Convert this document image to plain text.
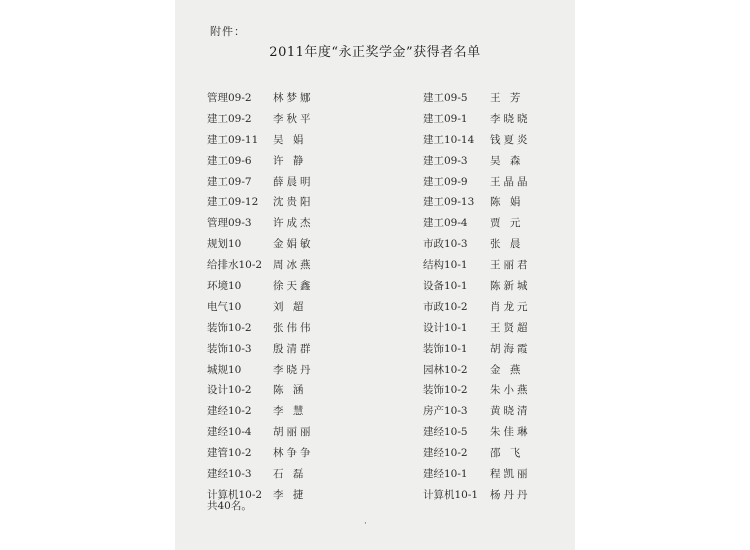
附件：
2011年度“永正奖学金”获得者名单
管理09-2 林梦娜
建工09-2 李秋平
建工09-11 吴 娟
建工09-6 许 静
建工09-7 薛晨明
建工09-12 沈贵阳
管理09-3 许成杰
规划10	金娟敏
给排水10-2 周冰燕
环境10	徐天鑫
电气10	刘 超
装饰10-2 张伟伟
装饰10-3 殷清群
城规10	李晓丹
设计10-2 陈 涵
建经10-2 李 慧
建经10-4 胡丽丽
建管10-2 林争争
建经10-3 石 磊
计算机10-2 李 捷
建工09-5 王 芳
建工09-1 李晓晓
建工10-14 钱夏炎
建工09-3 吴 森
建工09-9 王晶晶
建工09-13 陈 娟
建工09-4 贾 元
市政10-3 张 晨
结构10-1 王丽君
设备10-1 陈新城
市政10-2 肖龙元
设计10-1 王贤超
装饰10-1 胡海霞
园林10-2 金 燕
装饰10-2 朱小燕
房产10-3 黄晓清
建经10-5 朱佳琳
建经10-2 邵 飞
建经10-1 程凯丽
计算机10-1 杨丹丹
共40名。
·
